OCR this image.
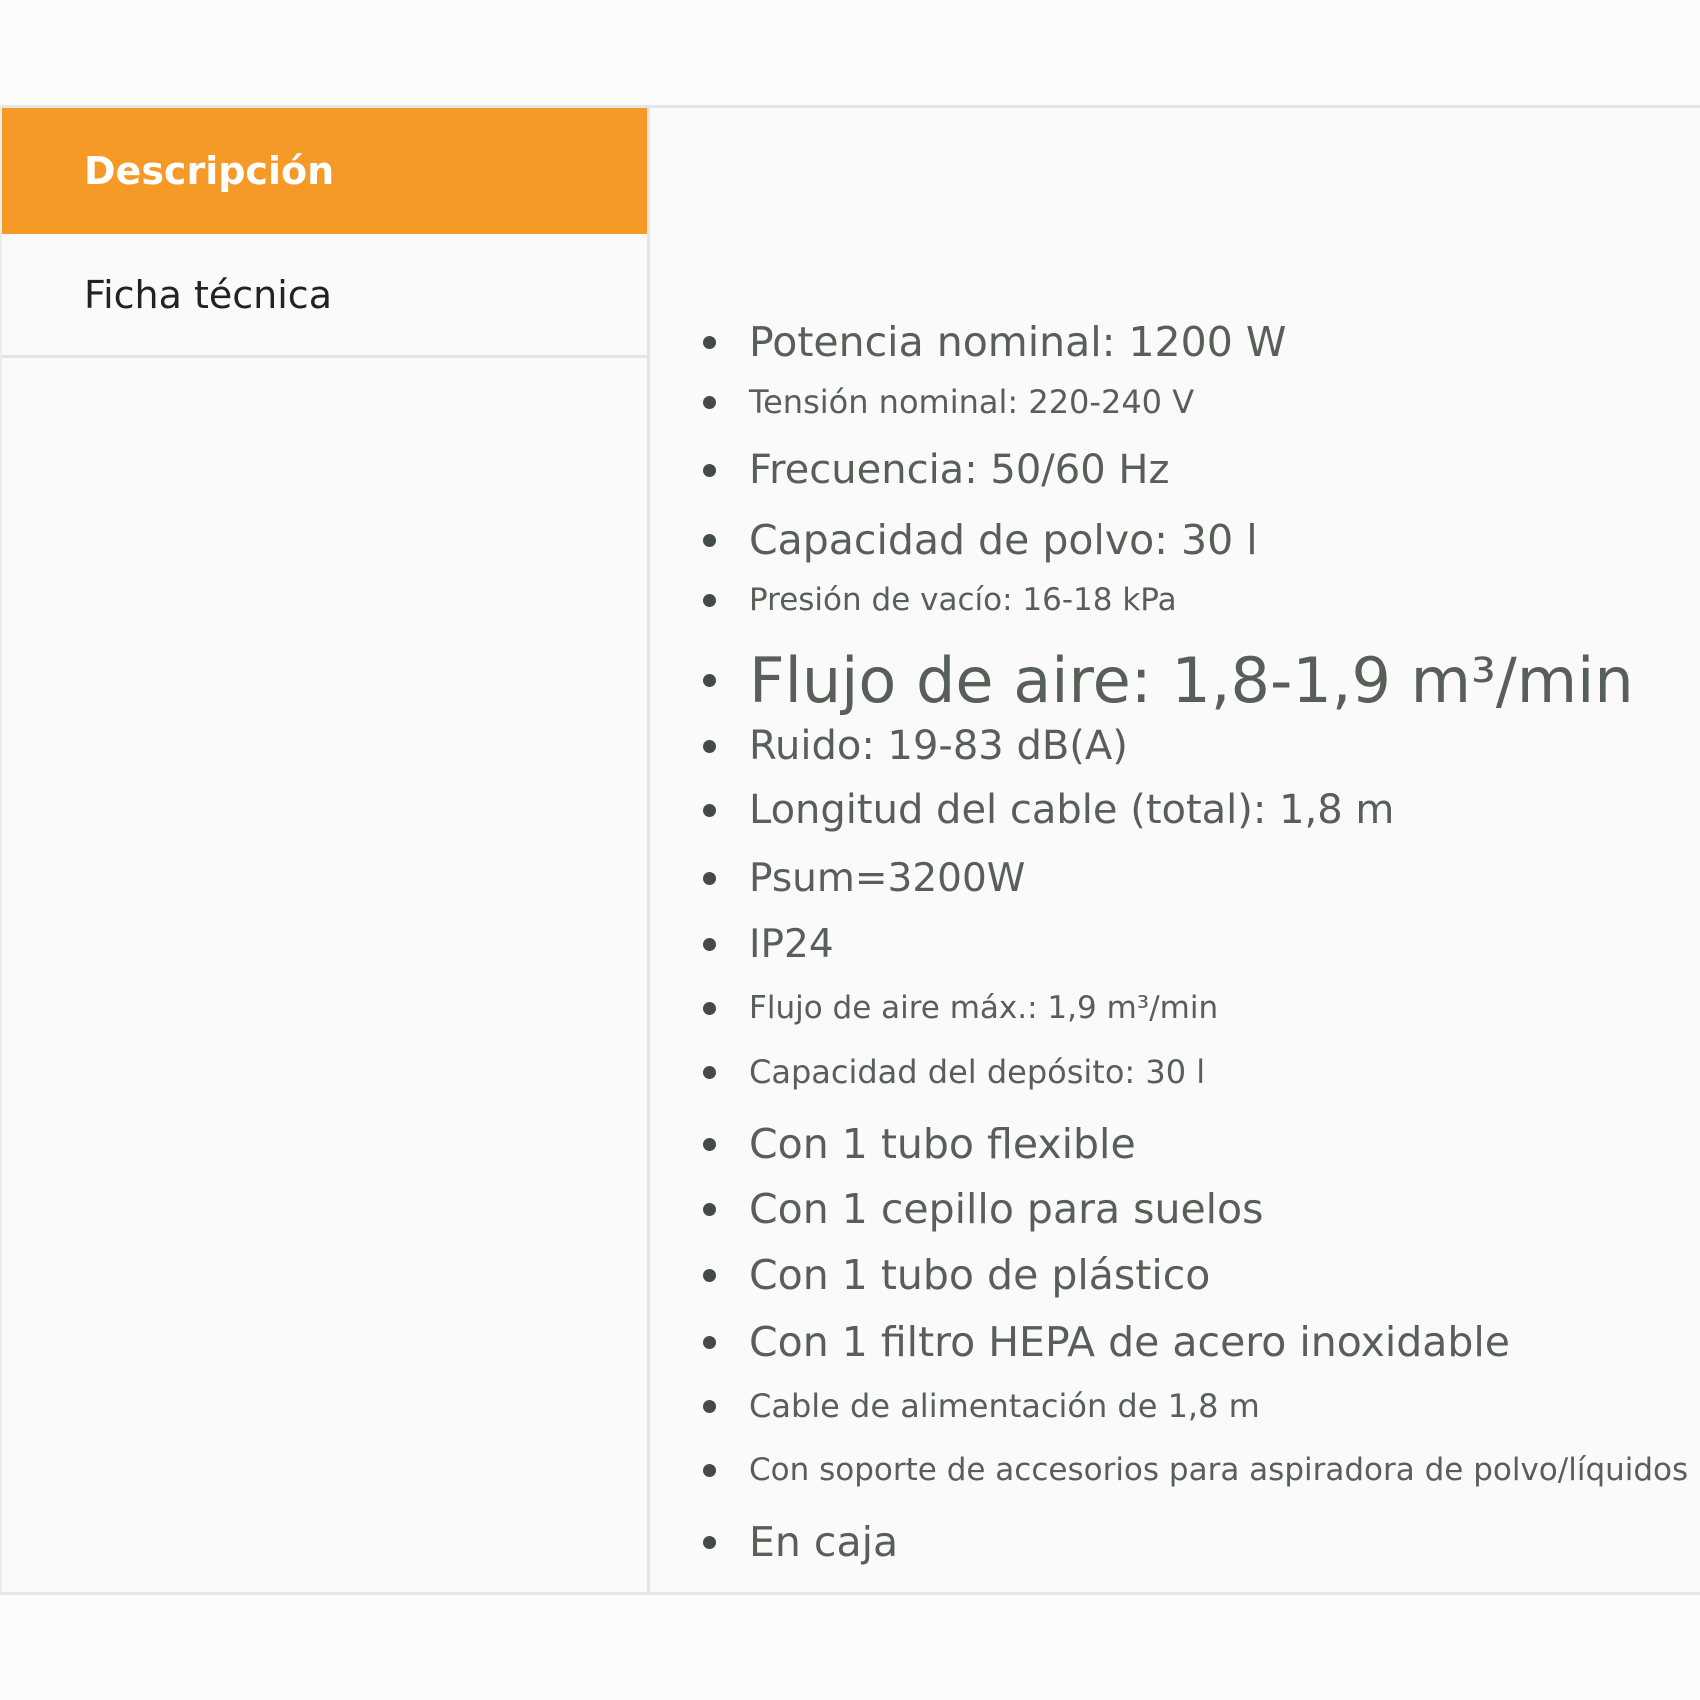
Descripción
Ficha técnica
Potencia nominal: 1200 W
Tensión nominal: 220-240 V
Frecuencia: 50/60 Hz
Capacidad de polvo: 30 l
Presión de vacío: 16-18 kPa
Flujo de aire: 1,8-1,9 m³/min
Ruido: 19-83 dB(A)
Longitud del cable (total): 1,8 m
Psum=3200W
IP24
Flujo de aire máx.: 1,9 m³/min
Capacidad del depósito: 30 l
Con 1 tubo flexible
Con 1 cepillo para suelos
Con 1 tubo de plástico
Con 1 filtro HEPA de acero inoxidable
Cable de alimentación de 1,8 m
Con soporte de accesorios para aspiradora de polvo/líquidos
En caja
